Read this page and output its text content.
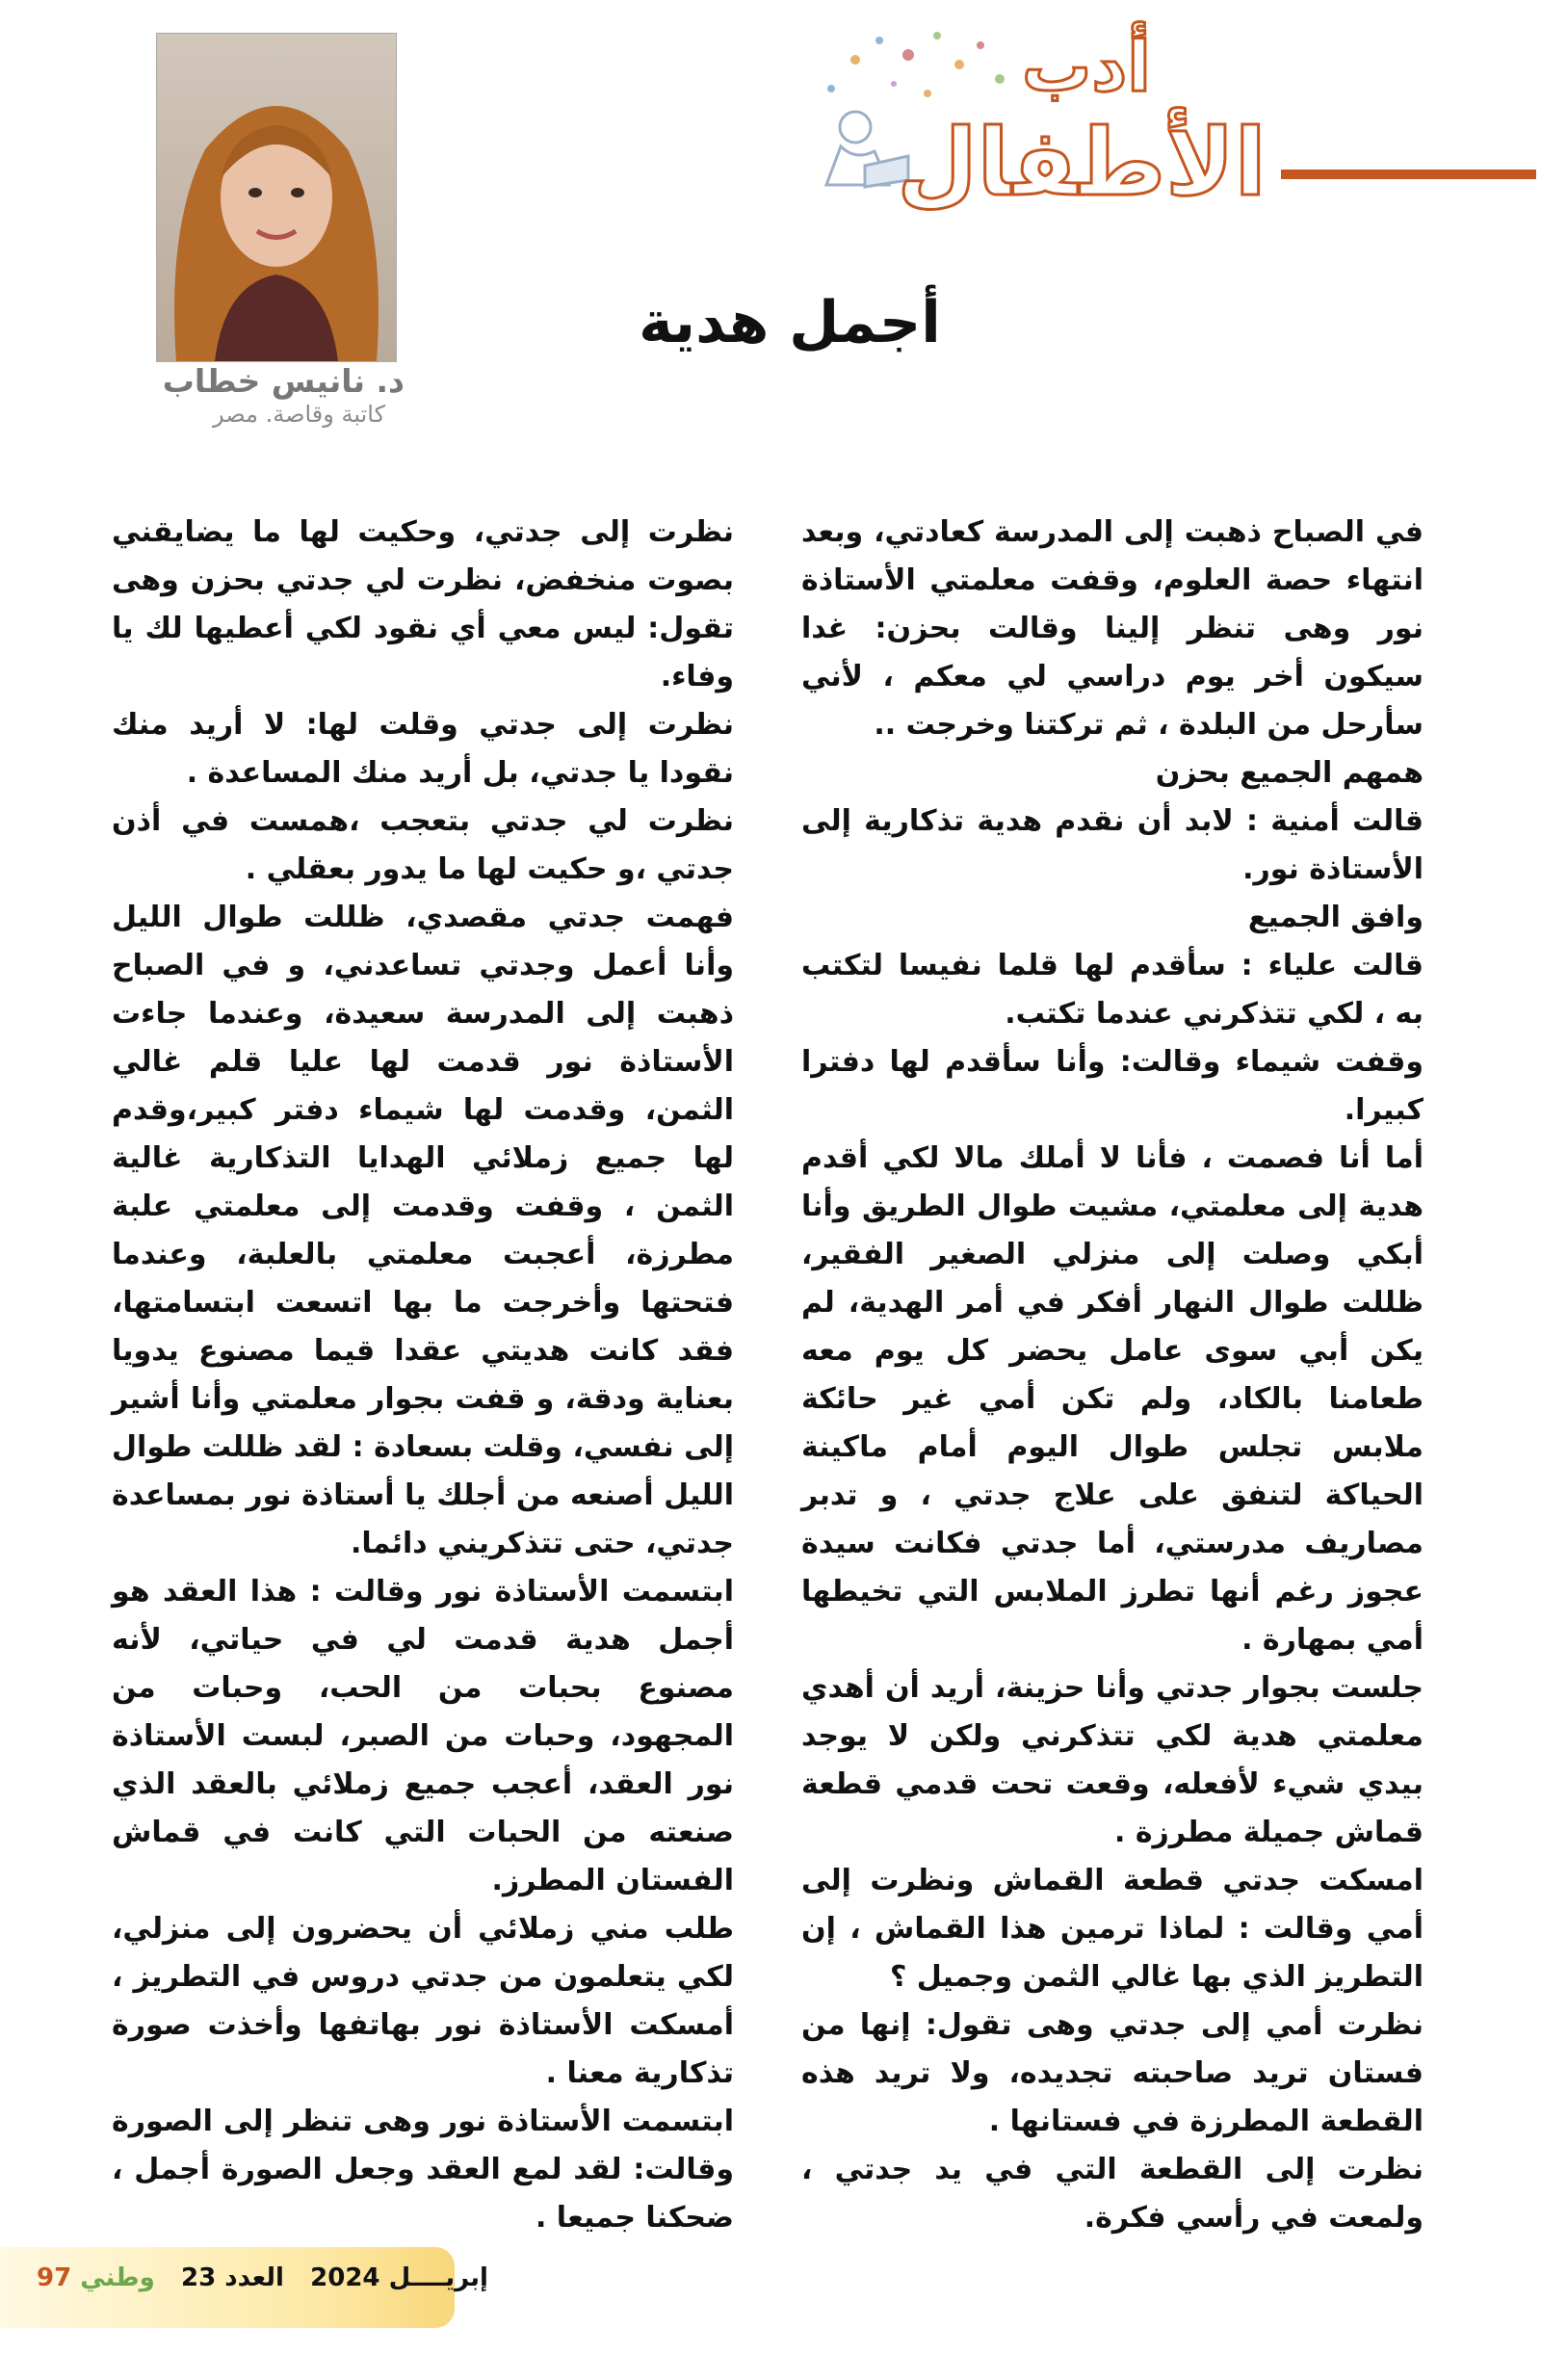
أدب
الأطفال

د. نانيس خطاب

كاتبة وقاصة. مصر

أجمل هدية

في الصباح ذهبت إلى المدرسة كعادتي، وبعد انتهاء حصة العلوم، وقفت معلمتي الأستاذة نور وهى تنظر إلينا وقالت بحزن: غدا سيكون أخر يوم دراسي لي معكم ، لأني سأرحل من البلدة ، ثم تركتنا وخرجت ..

همهم الجميع بحزن

قالت أمنية : لابد أن نقدم هدية تذكارية إلى الأستاذة نور.

وافق الجميع

قالت علياء : سأقدم لها قلما نفيسا لتكتب به ، لكي تتذكرني عندما تكتب.

وقفت شيماء وقالت: وأنا سأقدم لها دفترا كبيرا.

أما أنا فصمت ، فأنا لا أملك مالا لكي أقدم هدية إلى معلمتي، مشيت طوال الطريق وأنا أبكي وصلت إلى منزلي الصغير الفقير، ظللت طوال النهار أفكر في أمر الهدية، لم يكن أبي سوى عامل يحضر كل يوم معه طعامنا بالكاد، ولم تكن أمي غير حائكة ملابس تجلس طوال اليوم أمام ماكينة الحياكة لتنفق على علاج جدتي ، و تدبر مصاريف مدرستي، أما جدتي فكانت سيدة عجوز رغم أنها تطرز الملابس التي تخيطها أمي بمهارة .

جلست بجوار جدتي وأنا حزينة، أريد أن أهدي معلمتي هدية لكي تتذكرني ولكن لا يوجد بيدي شيء لأفعله، وقعت تحت قدمي قطعة قماش جميلة مطرزة .

امسكت جدتي قطعة القماش ونظرت إلى أمي وقالت : لماذا ترمين هذا القماش ، إن التطريز الذي بها غالي الثمن وجميل ؟

نظرت أمي إلى جدتي وهى تقول: إنها من فستان تريد صاحبته تجديده، ولا تريد هذه القطعة المطرزة في فستانها .

نظرت إلى القطعة التي في يد جدتي ، ولمعت في رأسي فكرة.

نظرت إلى جدتي، وحكيت لها ما يضايقني بصوت منخفض، نظرت لي جدتي بحزن وهى تقول: ليس معي أي نقود لكي أعطيها لك يا وفاء.

نظرت إلى جدتي وقلت لها: لا أريد منك نقودا يا جدتي، بل أريد منك المساعدة .

نظرت لي جدتي بتعجب ،همست في أذن جدتي ،و حكيت لها ما يدور بعقلي .

فهمت جدتي مقصدي، ظللت طوال الليل وأنا أعمل وجدتي تساعدني، و في الصباح ذهبت إلى المدرسة سعيدة، وعندما جاءت الأستاذة نور قدمت لها عليا قلم غالي الثمن، وقدمت لها شيماء دفتر كبير،وقدم لها جميع زملائي الهدايا التذكارية غالية الثمن ، وقفت وقدمت إلى معلمتي علبة مطرزة، أعجبت معلمتي بالعلبة، وعندما فتحتها وأخرجت ما بها اتسعت ابتسامتها، فقد كانت هديتي عقدا قيما مصنوع يدويا بعناية ودقة، و قفت بجوار معلمتي وأنا أشير إلى نفسي، وقلت بسعادة : لقد ظللت طوال الليل أصنعه من أجلك يا أستاذة نور بمساعدة جدتي، حتى تتذكريني دائما.

ابتسمت الأستاذة نور وقالت : هذا العقد هو أجمل هدية قدمت لي في حياتي، لأنه مصنوع بحبات من الحب، وحبات من المجهود، وحبات من الصبر، لبست الأستاذة نور العقد، أعجب جميع زملائي بالعقد الذي صنعته من الحبات التي كانت في قماش الفستان المطرز.

طلب مني زملائي أن يحضرون إلى منزلي، لكي يتعلمون من جدتي دروس في التطريز ، أمسكت الأستاذة نور بهاتفها وأخذت صورة تذكارية معنا .

ابتسمت الأستاذة نور وهى تنظر إلى الصورة وقالت: لقد لمع العقد وجعل الصورة أجمل ، ضحكنا جميعا .

إبريــــل 2024   العدد 23   وطني 97
